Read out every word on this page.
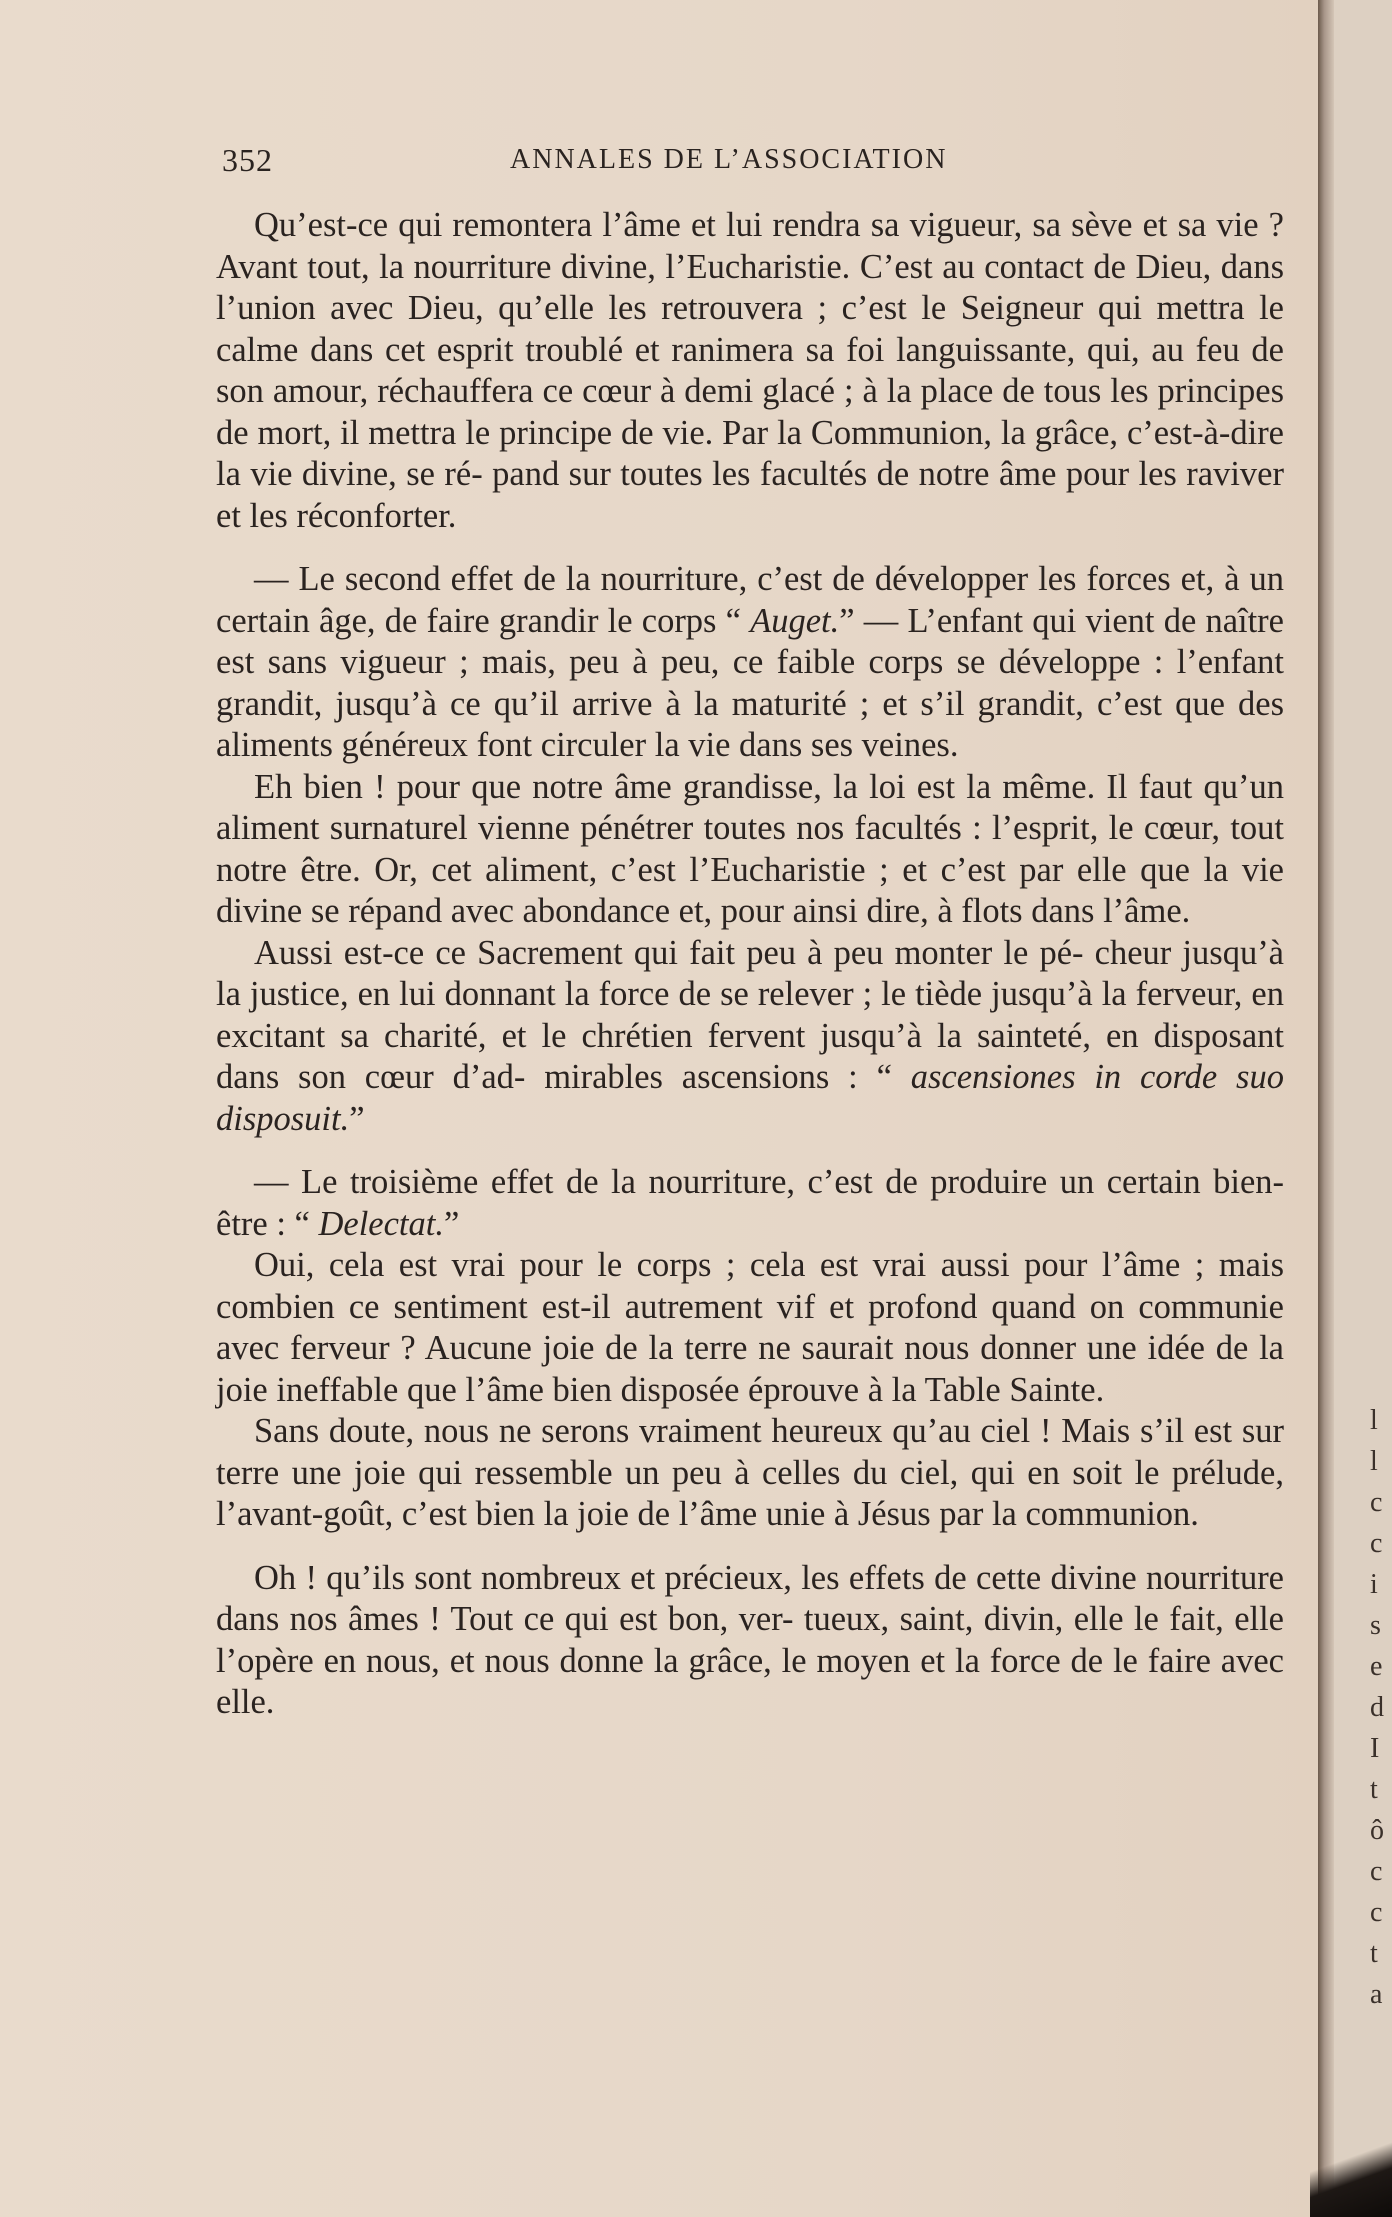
352	ANNALES DE L’ASSOCIATION

Qu’est-ce qui remontera l’âme et lui rendra sa vigueur, sa sève et sa vie ? Avant tout, la nourriture divine, l’Eucharistie. C’est au contact de Dieu, dans l’union avec Dieu, qu’elle les retrouvera ; c’est le Seigneur qui mettra le calme dans cet esprit troublé et ranimera sa foi languissante, qui, au feu de son amour, réchauffera ce cœur à demi glacé ; à la place de tous les principes de mort, il mettra le principe de vie. Par la Communion, la grâce, c’est-à-dire la vie divine, se ré- pand sur toutes les facultés de notre âme pour les raviver et les réconforter.

— Le second effet de la nourriture, c’est de développer les forces et, à un certain âge, de faire grandir le corps “ Auget.” — L’enfant qui vient de naître est sans vigueur ; mais, peu à peu, ce faible corps se développe : l’enfant grandit, jusqu’à ce qu’il arrive à la maturité ; et s’il grandit, c’est que des aliments généreux font circuler la vie dans ses veines.

Eh bien ! pour que notre âme grandisse, la loi est la même. Il faut qu’un aliment surnaturel vienne pénétrer toutes nos facultés : l’esprit, le cœur, tout notre être. Or, cet aliment, c’est l’Eucharistie ; et c’est par elle que la vie divine se répand avec abondance et, pour ainsi dire, à flots dans l’âme.

Aussi est-ce ce Sacrement qui fait peu à peu monter le pé- cheur jusqu’à la justice, en lui donnant la force de se relever ; le tiède jusqu’à la ferveur, en excitant sa charité, et le chrétien fervent jusqu’à la sainteté, en disposant dans son cœur d’ad- mirables ascensions : “ ascensiones in corde suo disposuit.”

— Le troisième effet de la nourriture, c’est de produire un certain bien-être : “ Delectat.”

Oui, cela est vrai pour le corps ; cela est vrai aussi pour l’âme ; mais combien ce sentiment est-il autrement vif et profond quand on communie avec ferveur ? Aucune joie de la terre ne saurait nous donner une idée de la joie ineffable que l’âme bien disposée éprouve à la Table Sainte.

Sans doute, nous ne serons vraiment heureux qu’au ciel ! Mais s’il est sur terre une joie qui ressemble un peu à celles du ciel, qui en soit le prélude, l’avant-goût, c’est bien la joie de l’âme unie à Jésus par la communion.

Oh ! qu’ils sont nombreux et précieux, les effets de cette divine nourriture dans nos âmes ! Tout ce qui est bon, ver- tueux, saint, divin, elle le fait, elle l’opère en nous, et nous donne la grâce, le moyen et la force de le faire avec elle.

l
l
c
c
i
s
e
d
I
t
ô
c
c
t
a
